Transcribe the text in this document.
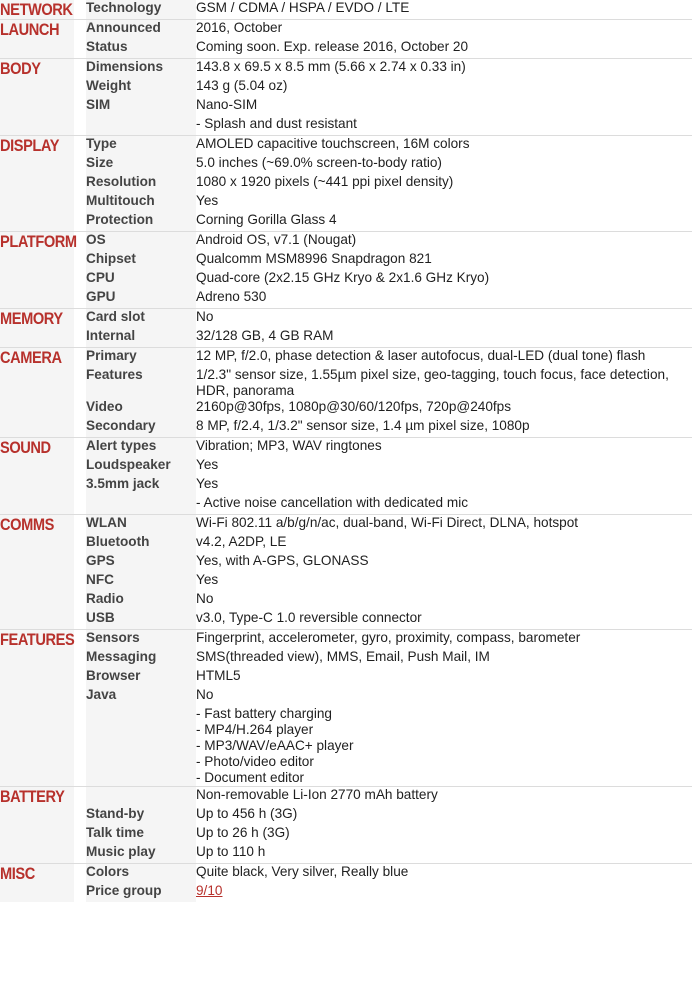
NETWORK	Technology	GSM / CDMA / HSPA / EVDO / LTE
LAUNCH	Announced	2016, October
	Status	Coming soon. Exp. release 2016, October 20
BODY	Dimensions	143.8 x 69.5 x 8.5 mm (5.66 x 2.74 x 0.33 in)
	Weight	143 g (5.04 oz)
	SIM	Nano-SIM
		- Splash and dust resistant
DISPLAY	Type	AMOLED capacitive touchscreen, 16M colors
	Size	5.0 inches (~69.0% screen-to-body ratio)
	Resolution	1080 x 1920 pixels (~441 ppi pixel density)
	Multitouch	Yes
	Protection	Corning Gorilla Glass 4
PLATFORM	OS	Android OS, v7.1 (Nougat)
	Chipset	Qualcomm MSM8996 Snapdragon 821
	CPU	Quad-core (2x2.15 GHz Kryo & 2x1.6 GHz Kryo)
	GPU	Adreno 530
MEMORY	Card slot	No
	Internal	32/128 GB, 4 GB RAM
CAMERA	Primary	12 MP, f/2.0, phase detection & laser autofocus, dual-LED (dual tone) flash
	Features	1/2.3" sensor size, 1.55µm pixel size, geo-tagging, touch focus, face detection, HDR, panorama
	Video	2160p@30fps, 1080p@30/60/120fps, 720p@240fps
	Secondary	8 MP, f/2.4, 1/3.2" sensor size, 1.4 µm pixel size, 1080p
SOUND	Alert types	Vibration; MP3, WAV ringtones
	Loudspeaker	Yes
	3.5mm jack	Yes
		- Active noise cancellation with dedicated mic
COMMS	WLAN	Wi-Fi 802.11 a/b/g/n/ac, dual-band, Wi-Fi Direct, DLNA, hotspot
	Bluetooth	v4.2, A2DP, LE
	GPS	Yes, with A-GPS, GLONASS
	NFC	Yes
	Radio	No
	USB	v3.0, Type-C 1.0 reversible connector
FEATURES	Sensors	Fingerprint, accelerometer, gyro, proximity, compass, barometer
	Messaging	SMS(threaded view), MMS, Email, Push Mail, IM
	Browser	HTML5
	Java	No

		- Fast battery charging
- MP4/H.264 player
- MP3/WAV/eAAC+ player
- Photo/video editor
- Document editor

BATTERY		Non-removable Li-Ion 2770 mAh battery
	Stand-by	Up to 456 h (3G)
	Talk time	Up to 26 h (3G)
	Music play	Up to 110 h
MISC	Colors	Quite black, Very silver, Really blue
	Price group	9/10
